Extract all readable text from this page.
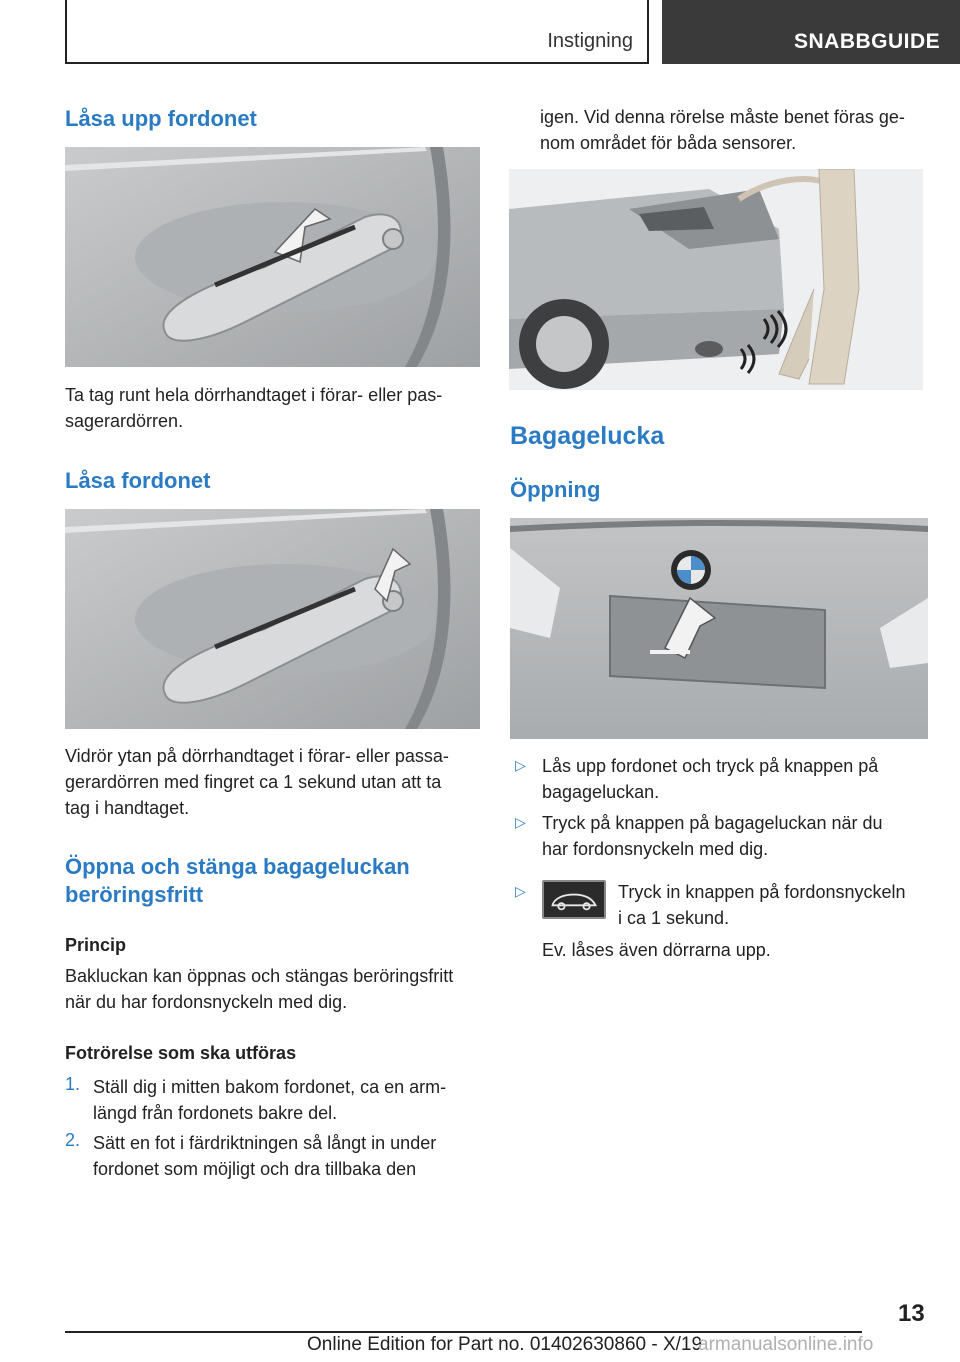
Instigning	SNABBGUIDE
Låsa upp fordonet

Ta tag runt hela dörrhandtaget i förar- eller pas-

sagerardörren.

Låsa fordonet

Vidrör ytan på dörrhandtaget i förar- eller passa-

gerardörren med fingret ca 1 sekund utan att ta

tag i handtaget.

Öppna och stänga bagageluckan
beröringsfritt
Princip

Bakluckan kan öppnas och stängas beröringsfritt

när du har fordonsnyckeln med dig.

Fotrörelse som ska utföras
1. Ställ dig i mitten bakom fordonet, ca en arm-
längd från fordonets bakre del.
2. Sätt en fot i färdriktningen så långt in under
fordonet som möjligt och dra tillbaka den

igen. Vid denna rörelse måste benet föras ge-

nom området för båda sensorer.

Bagagelucka
Öppning
▷ Lås upp fordonet och tryck på knappen på
bagageluckan.
▷ Tryck på knappen på bagageluckan när du
har fordonsnyckeln med dig.
▷	Tryck in knappen på fordonsnyckeln
i ca 1 sekund.
Ev. låses även dörrarna upp.
13
Online Edition for Part no. 01402630860 - X/19
armanualsonline.info
